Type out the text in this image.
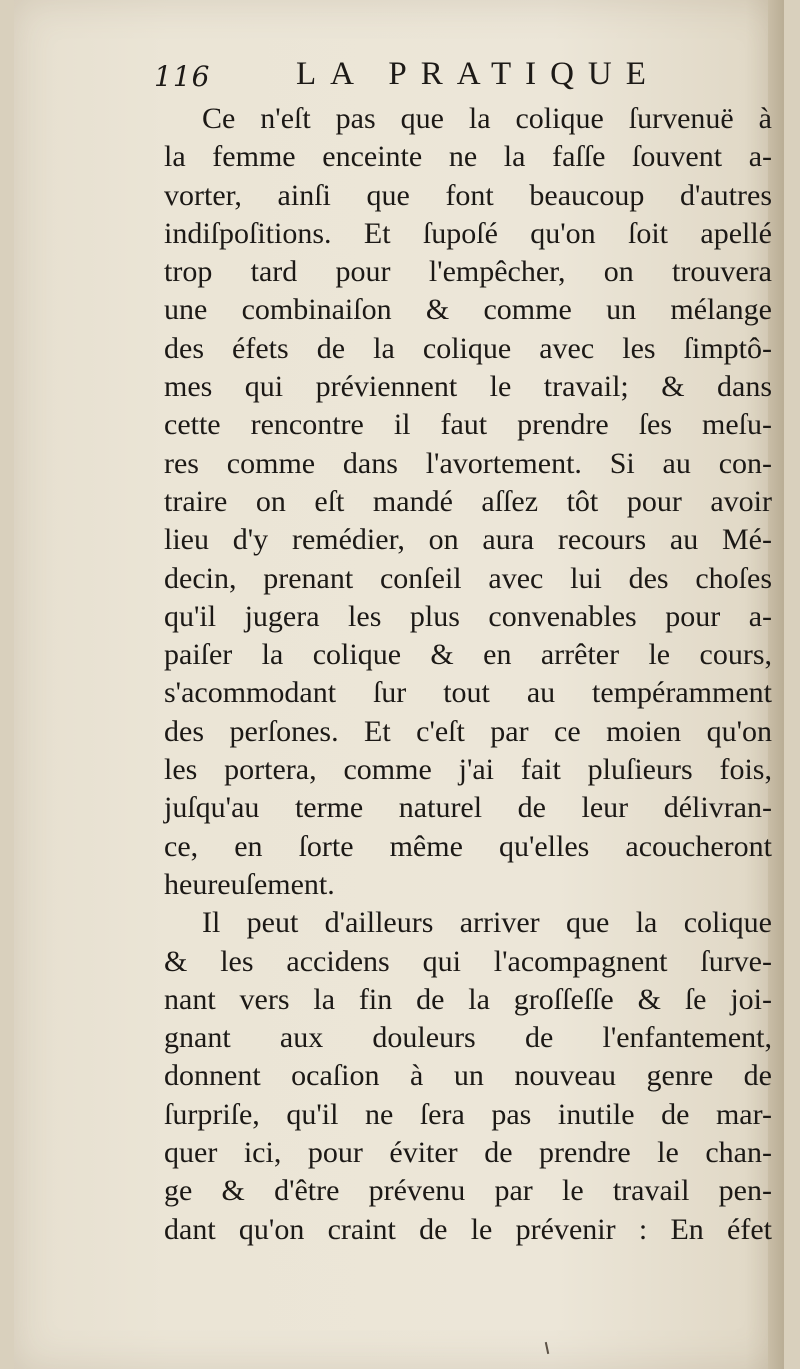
116	LA PRATIQUE
Ce n'eſt pas que la colique ſurvenuë à
la femme enceinte ne la faſſe ſouvent a-
vorter, ainſi que font beaucoup d'autres
indiſpoſitions. Et ſupoſé qu'on ſoit apellé
trop tard pour l'empêcher, on trouvera
une combinaiſon & comme un mélange
des éfets de la colique avec les ſimptô-
mes qui préviennent le travail; & dans
cette rencontre il faut prendre ſes meſu-
res comme dans l'avortement. Si au con-
traire on eſt mandé aſſez tôt pour avoir
lieu d'y remédier, on aura recours au Mé-
decin, prenant conſeil avec lui des choſes
qu'il jugera les plus convenables pour a-
paiſer la colique & en arrêter le cours,
s'acommodant ſur tout au tempéramment
des perſones. Et c'eſt par ce moien qu'on
les portera, comme j'ai fait pluſieurs fois,
juſqu'au terme naturel de leur délivran-
ce, en ſorte même qu'elles acoucheront
heureuſement.
Il peut d'ailleurs arriver que la colique
& les accidens qui l'acompagnent ſurve-
nant vers la fin de la groſſeſſe & ſe joi-
gnant aux douleurs de l'enfantement,
donnent ocaſion à un nouveau genre de
ſurpriſe, qu'il ne ſera pas inutile de mar-
quer ici, pour éviter de prendre le chan-
ge & d'être prévenu par le travail pen-
dant qu'on craint de le prévenir : En éfet
